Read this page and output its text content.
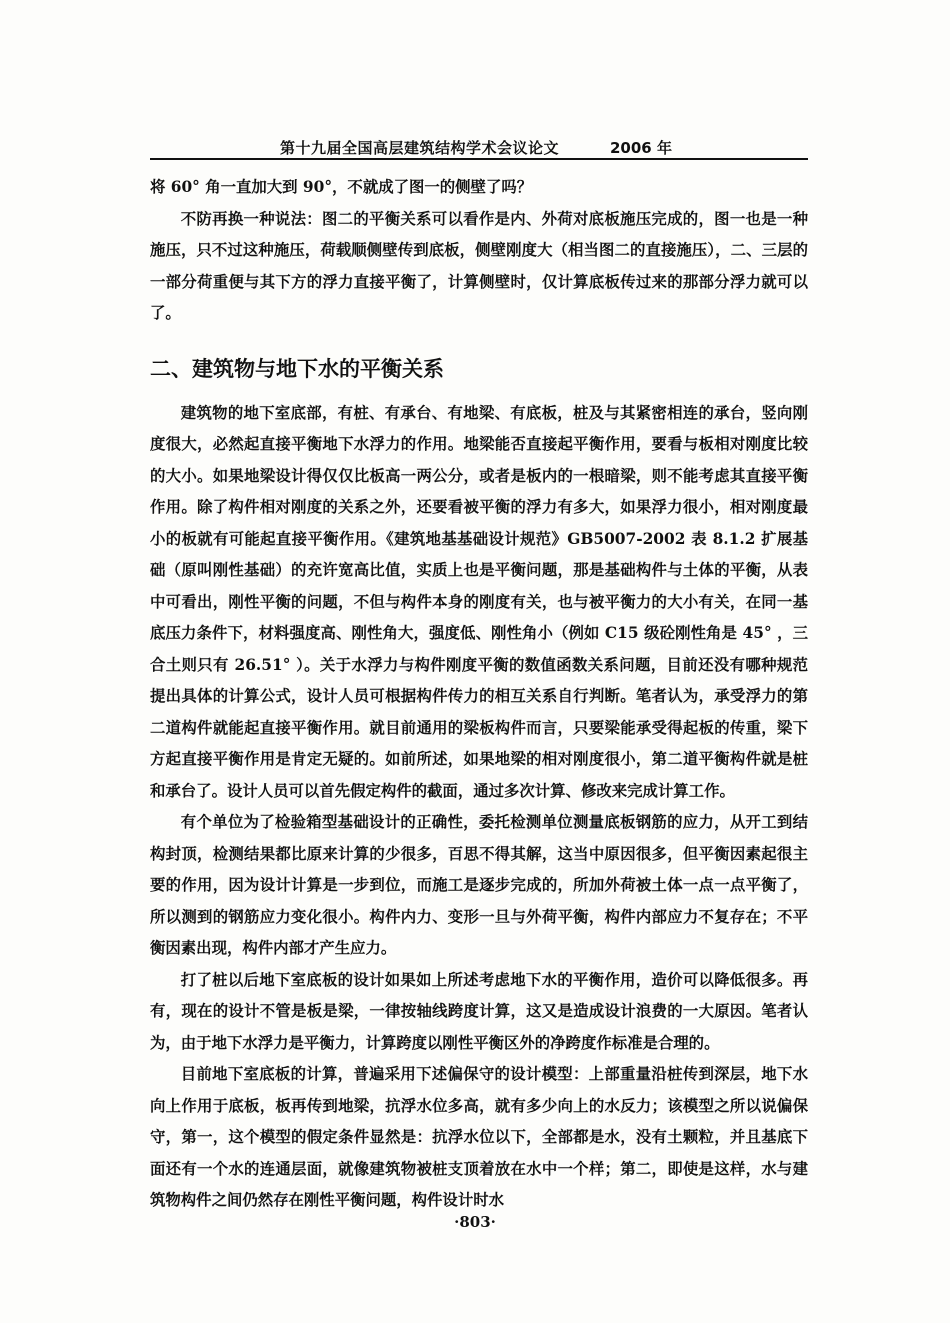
第十九届全国高层建筑结构学术会议论文	2006 年

将 60° 角一直加大到 90°，不就成了图一的侧壁了吗？

不防再换一种说法：图二的平衡关系可以看作是内、外荷对底板施压完成的，图一也是一种施压，只不过这种施压，荷载顺侧壁传到底板，侧壁刚度大（相当图二的直接施压），二、三层的一部分荷重便与其下方的浮力直接平衡了，计算侧壁时，仅计算底板传过来的那部分浮力就可以了。

二、建筑物与地下水的平衡关系

建筑物的地下室底部，有桩、有承台、有地梁、有底板，桩及与其紧密相连的承台，竖向刚度很大，必然起直接平衡地下水浮力的作用。地梁能否直接起平衡作用，要看与板相对刚度比较的大小。如果地梁设计得仅仅比板高一两公分，或者是板内的一根暗梁，则不能考虑其直接平衡作用。除了构件相对刚度的关系之外，还要看被平衡的浮力有多大，如果浮力很小，相对刚度最小的板就有可能起直接平衡作用。《建筑地基基础设计规范》GB5007-2002 表 8.1.2 扩展基础（原叫刚性基础）的充许宽高比值，实质上也是平衡问题，那是基础构件与土体的平衡，从表中可看出，刚性平衡的问题，不但与构件本身的刚度有关，也与被平衡力的大小有关，在同一基底压力条件下，材料强度高、刚性角大，强度低、刚性角小（例如 C15 级砼刚性角是 45° ，三合土则只有 26.51° ）。关于水浮力与构件刚度平衡的数值函数关系问题，目前还没有哪种规范提出具体的计算公式，设计人员可根据构件传力的相互关系自行判断。笔者认为，承受浮力的第二道构件就能起直接平衡作用。就目前通用的梁板构件而言，只要梁能承受得起板的传重，梁下方起直接平衡作用是肯定无疑的。如前所述，如果地梁的相对刚度很小，第二道平衡构件就是桩和承台了。设计人员可以首先假定构件的截面，通过多次计算、修改来完成计算工作。

有个单位为了检验箱型基础设计的正确性，委托检测单位测量底板钢筋的应力，从开工到结构封顶，检测结果都比原来计算的少很多，百思不得其解，这当中原因很多，但平衡因素起很主要的作用，因为设计计算是一步到位，而施工是逐步完成的，所加外荷被土体一点一点平衡了，所以测到的钢筋应力变化很小。构件内力、变形一旦与外荷平衡，构件内部应力不复存在；不平衡因素出现，构件内部才产生应力。

打了桩以后地下室底板的设计如果如上所述考虑地下水的平衡作用，造价可以降低很多。再有，现在的设计不管是板是梁，一律按轴线跨度计算，这又是造成设计浪费的一大原因。笔者认为，由于地下水浮力是平衡力，计算跨度以刚性平衡区外的净跨度作标准是合理的。

目前地下室底板的计算，普遍采用下述偏保守的设计模型：上部重量沿桩传到深层，地下水向上作用于底板，板再传到地梁，抗浮水位多高，就有多少向上的水反力；该模型之所以说偏保守，第一，这个模型的假定条件显然是：抗浮水位以下，全部都是水，没有土颗粒，并且基底下面还有一个水的连通层面，就像建筑物被桩支顶着放在水中一个样；第二，即使是这样，水与建筑物构件之间仍然存在刚性平衡问题，构件设计时水

·803·
